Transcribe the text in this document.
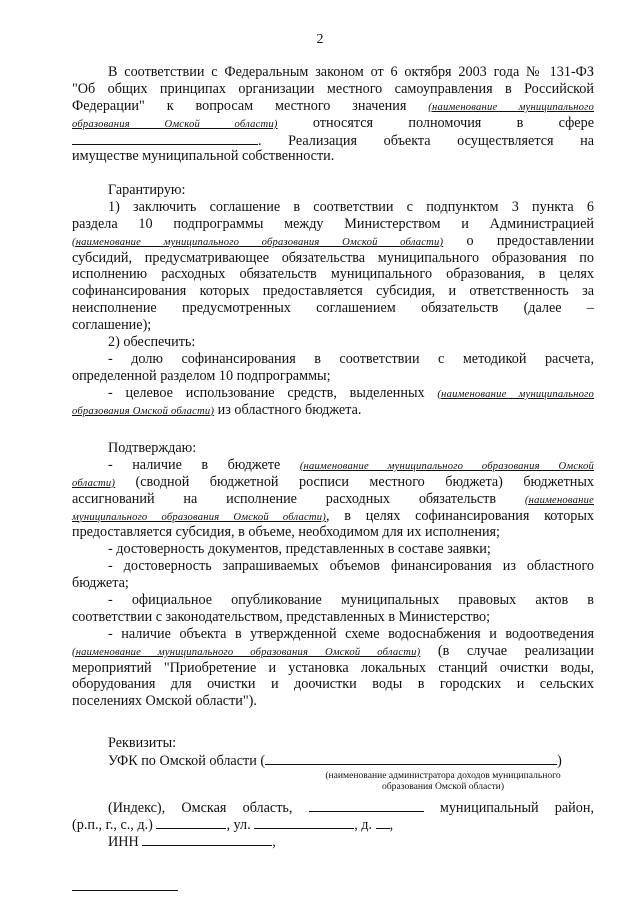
2
В соответствии с Федеральным законом от 6 октября 2003 года № 131-ФЗ
"Об общих принципах организации местного самоуправления в Российской
Федерации" к вопросам местного значения (наименование муниципального
образования Омской области) относятся полномочия в сфере
. Реализация объекта осуществляется на
имуществе муниципальной собственности.
Гарантирую:
1) заключить соглашение в соответствии с подпунктом 3 пункта 6
раздела 10 подпрограммы между Министерством и Администрацией
(наименование муниципального образования Омской области) о предоставлении
субсидий, предусматривающее обязательства муниципального образования по
исполнению расходных обязательств муниципального образования, в целях
софинансирования которых предоставляется субсидия, и ответственность за
неисполнение предусмотренных соглашением обязательств (далее –
соглашение);
2) обеспечить:
- долю софинансирования в соответствии с методикой расчета,
определенной разделом 10 подпрограммы;
- целевое использование средств, выделенных (наименование муниципального
образования Омской области) из областного бюджета.
Подтверждаю:
- наличие в бюджете (наименование муниципального образования Омской
области) (сводной бюджетной росписи местного бюджета) бюджетных
ассигнований на исполнение расходных обязательств (наименование
муниципального образования Омской области), в целях софинансирования которых
предоставляется субсидия, в объеме, необходимом для их исполнения;
- достоверность документов, представленных в составе заявки;
- достоверность запрашиваемых объемов финансирования из областного
бюджета;
- официальное опубликование муниципальных правовых актов в
соответствии с законодательством, представленных в Министерство;
- наличие объекта в утвержденной схеме водоснабжения и водоотведения
(наименование муниципального образования Омской области) (в случае реализации
мероприятий "Приобретение и установка локальных станций очистки воды,
оборудования для очистки и доочистки воды в городских и сельских
поселениях Омской области").
Реквизиты:
УФК по Омской области (	)
(наименование администратора доходов муниципального
образования Омской области)
(Индекс), Омская область,	муниципальный район,
(р.п., г., с., д.)	, ул.	, д. ,
ИНН	,
